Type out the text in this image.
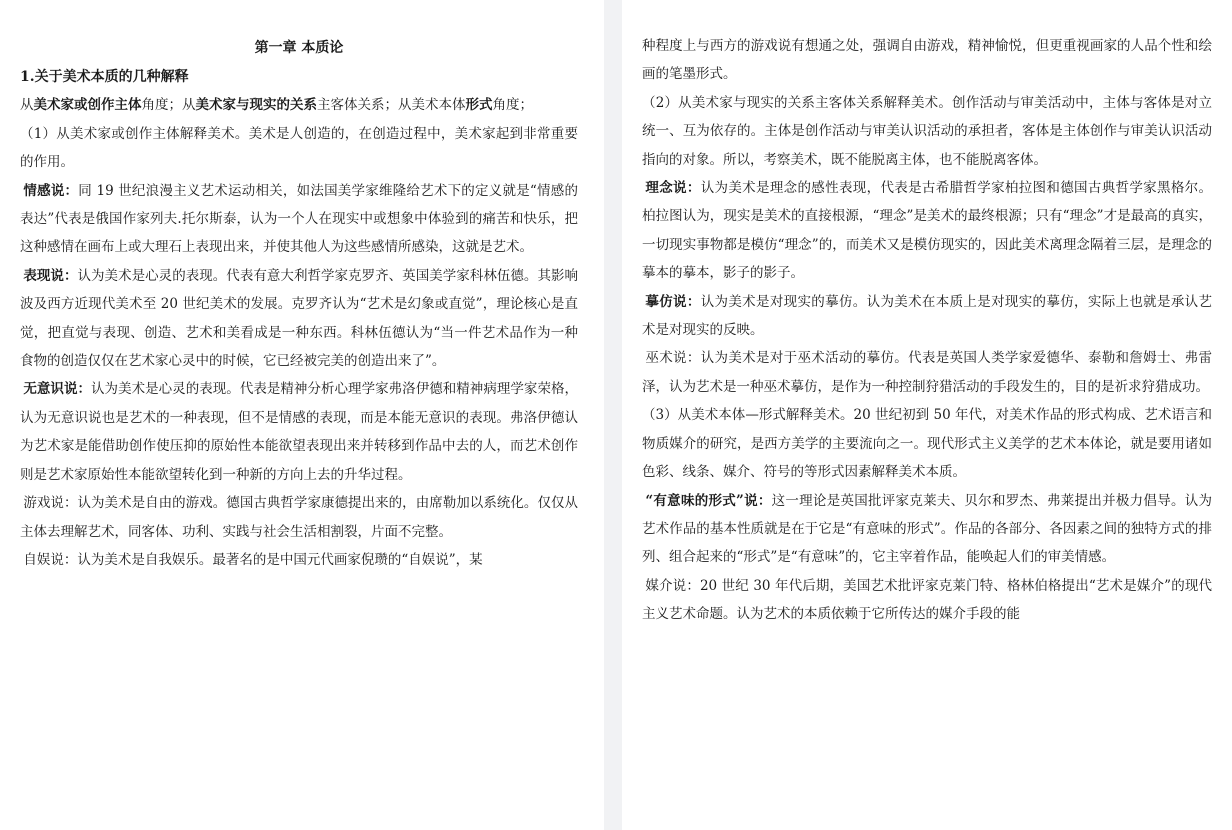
第一章 本质论

1.关于美术本质的几种解释

从美术家或创作主体角度；从美术家与现实的关系主客体关系；从美术本体形式角度；

（1）从美术家或创作主体解释美术。美术是人创造的，在创造过程中，美术家起到非常重要的作用。

情感说：同 19 世纪浪漫主义艺术运动相关，如法国美学家维隆给艺术下的定义就是“情感的表达”代表是俄国作家列夫.托尔斯泰，认为一个人在现实中或想象中体验到的痛苦和快乐，把这种感情在画布上或大理石上表现出来，并使其他人为这些感情所感染，这就是艺术。

表现说：认为美术是心灵的表现。代表有意大利哲学家克罗齐、英国美学家科林伍德。其影响波及西方近现代美术至 20 世纪美术的发展。克罗齐认为“艺术是幻象或直觉”，理论核心是直觉，把直觉与表现、创造、艺术和美看成是一种东西。科林伍德认为“当一件艺术品作为一种食物的创造仅仅在艺术家心灵中的时候，它已经被完美的创造出来了”。

无意识说：认为美术是心灵的表现。代表是精神分析心理学家弗洛伊德和精神病理学家荣格，认为无意识说也是艺术的一种表现，但不是情感的表现，而是本能无意识的表现。弗洛伊德认为艺术家是能借助创作使压抑的原始性本能欲望表现出来并转移到作品中去的人，而艺术创作则是艺术家原始性本能欲望转化到一种新的方向上去的升华过程。

游戏说：认为美术是自由的游戏。德国古典哲学家康德提出来的，由席勒加以系统化。仅仅从主体去理解艺术，同客体、功利、实践与社会生活相割裂，片面不完整。

自娱说：认为美术是自我娱乐。最著名的是中国元代画家倪瓒的“自娱说”，某

种程度上与西方的游戏说有想通之处，强调自由游戏，精神愉悦，但更重视画家的人品个性和绘画的笔墨形式。

（2）从美术家与现实的关系主客体关系解释美术。创作活动与审美活动中，主体与客体是对立统一、互为依存的。主体是创作活动与审美认识活动的承担者，客体是主体创作与审美认识活动指向的对象。所以，考察美术，既不能脱离主体，也不能脱离客体。

理念说：认为美术是理念的感性表现，代表是古希腊哲学家柏拉图和德国古典哲学家黑格尔。柏拉图认为，现实是美术的直接根源，“理念”是美术的最终根源；只有“理念”才是最高的真实，一切现实事物都是模仿“理念”的，而美术又是模仿现实的，因此美术离理念隔着三层，是理念的摹本的摹本，影子的影子。

摹仿说：认为美术是对现实的摹仿。认为美术在本质上是对现实的摹仿，实际上也就是承认艺术是对现实的反映。

巫术说：认为美术是对于巫术活动的摹仿。代表是英国人类学家爱德华、泰勒和詹姆士、弗雷泽，认为艺术是一种巫术摹仿，是作为一种控制狩猎活动的手段发生的，目的是祈求狩猎成功。

（3）从美术本体—形式解释美术。20 世纪初到 50 年代，对美术作品的形式构成、艺术语言和物质媒介的研究，是西方美学的主要流向之一。现代形式主义美学的艺术本体论，就是要用诸如色彩、线条、媒介、符号的等形式因素解释美术本质。

“有意味的形式”说：这一理论是英国批评家克莱夫、贝尔和罗杰、弗莱提出并极力倡导。认为艺术作品的基本性质就是在于它是“有意味的形式”。作品的各部分、各因素之间的独特方式的排列、组合起来的“形式”是“有意味”的，它主宰着作品，能唤起人们的审美情感。

媒介说：20 世纪 30 年代后期，美国艺术批评家克莱门特、格林伯格提出“艺术是媒介”的现代主义艺术命题。认为艺术的本质依赖于它所传达的媒介手段的能
